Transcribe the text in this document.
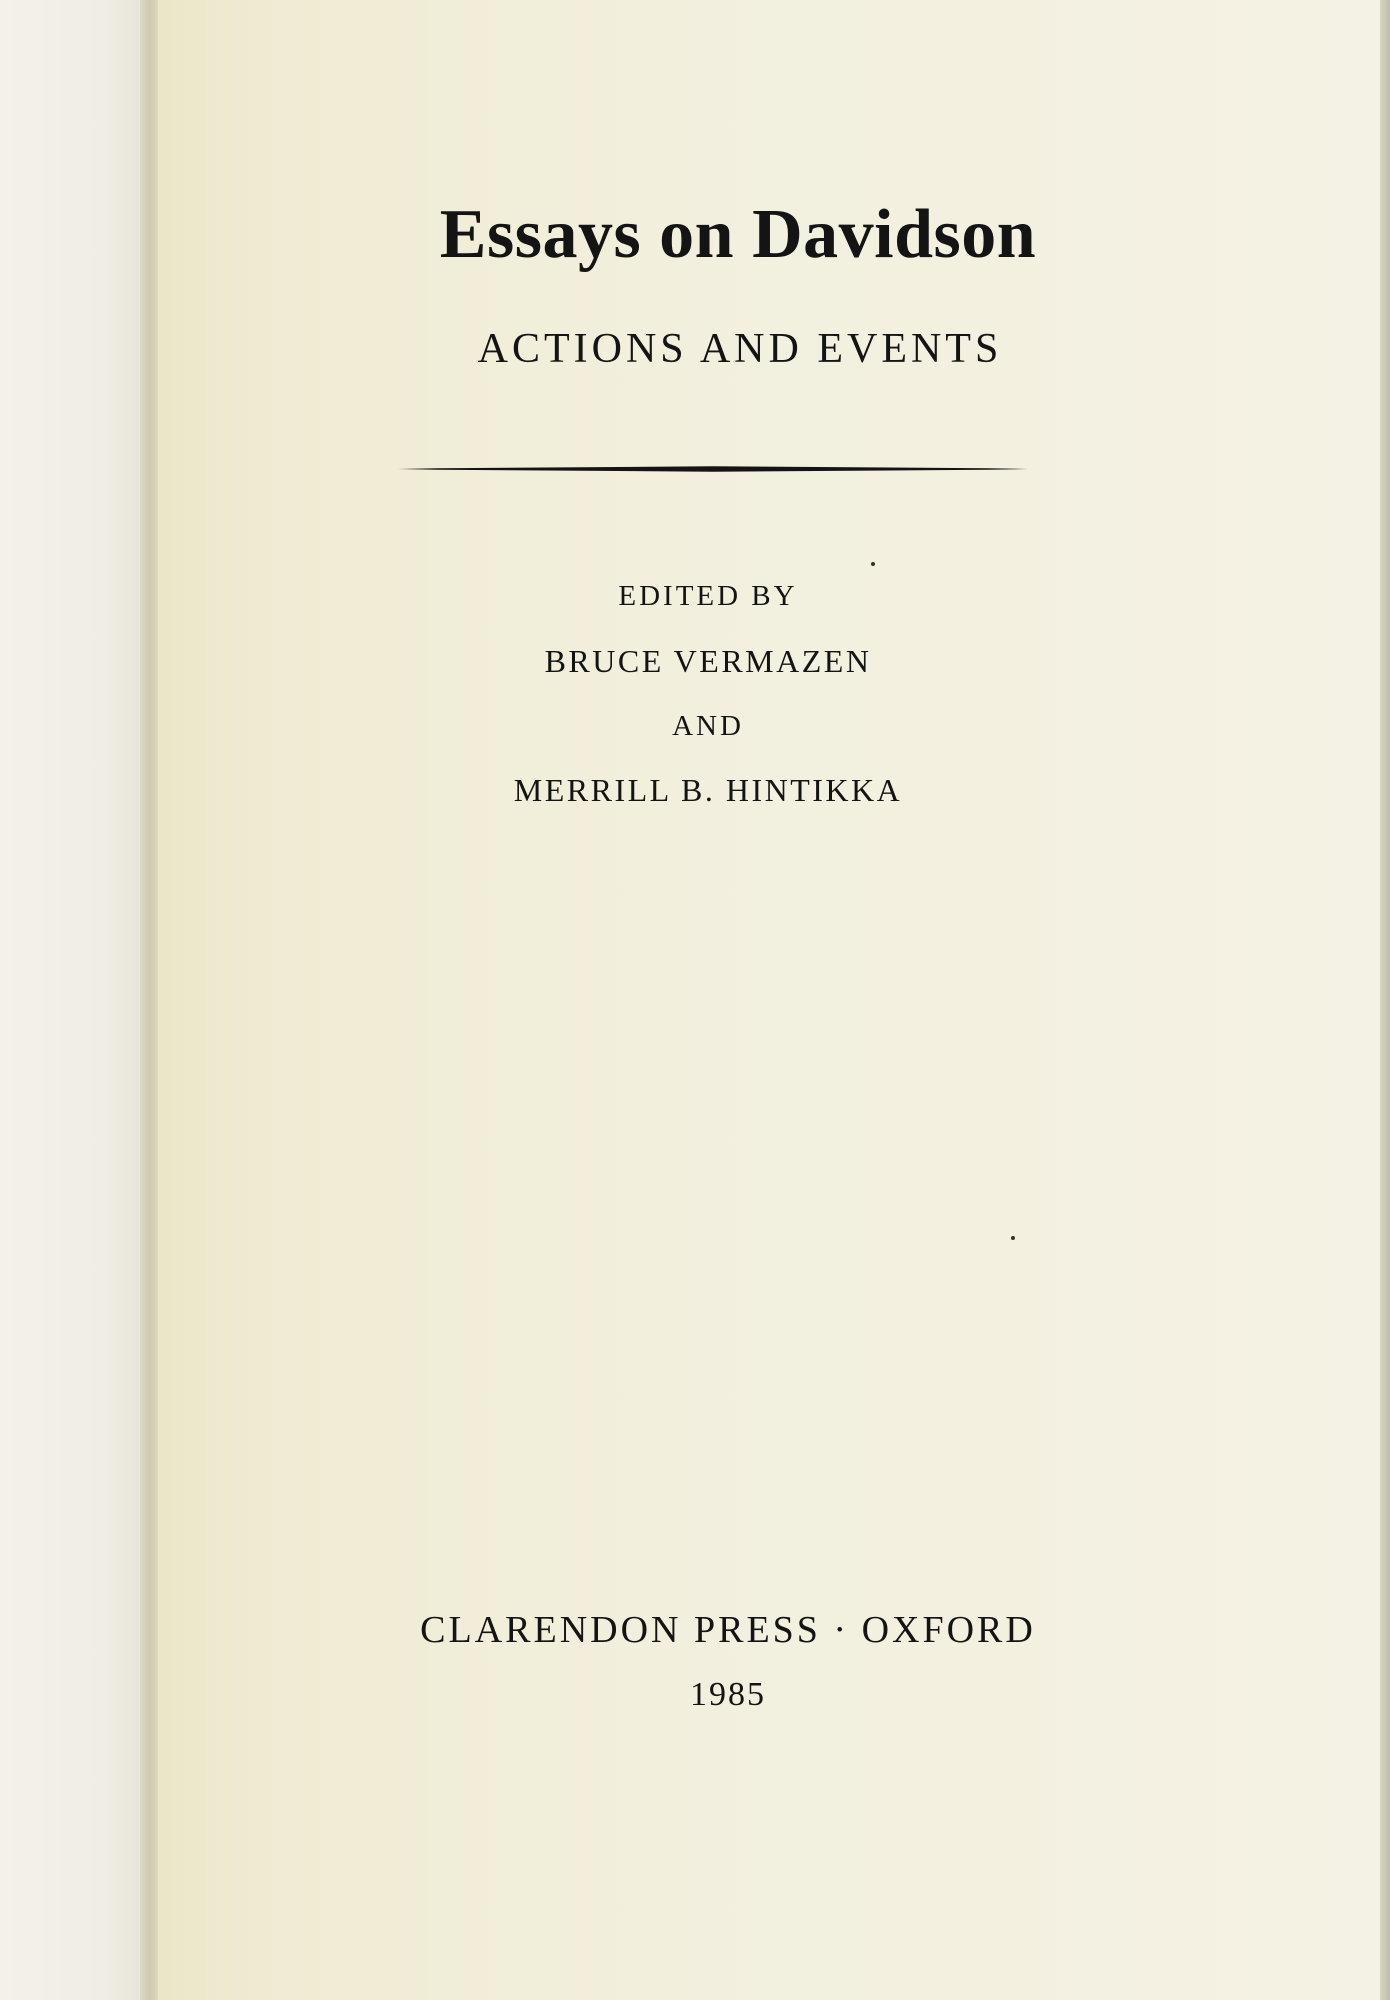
Essays on Davidson
ACTIONS AND EVENTS
EDITED BY
BRUCE VERMAZEN
AND
MERRILL B. HINTIKKA
CLARENDON PRESS · OXFORD
1985
